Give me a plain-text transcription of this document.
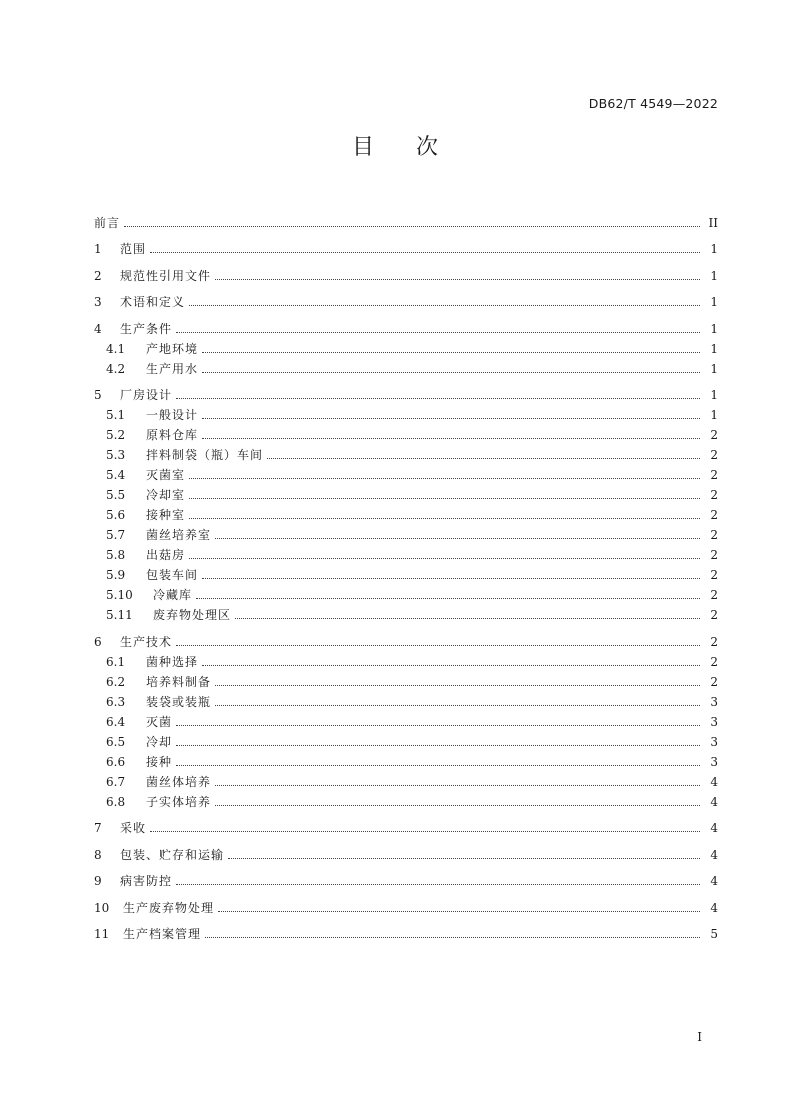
DB62/T 4549—2022
目 次
前言	II
1	范围	1
2	规范性引用文件	1
3	术语和定义	1
4	生产条件	1
4.1	产地环境	1
4.2	生产用水	1
5	厂房设计	1
5.1	一般设计	1
5.2	原料仓库	2
5.3	拌料制袋（瓶）车间	2
5.4	灭菌室	2
5.5	冷却室	2
5.6	接种室	2
5.7	菌丝培养室	2
5.8	出菇房	2
5.9	包装车间	2
5.10	冷藏库	2
5.11	废弃物处理区	2
6	生产技术	2
6.1	菌种选择	2
6.2	培养料制备	2
6.3	装袋或装瓶	3
6.4	灭菌	3
6.5	冷却	3
6.6	接种	3
6.7	菌丝体培养	4
6.8	子实体培养	4
7	采收	4
8	包装、贮存和运输	4
9	病害防控	4
10	生产废弃物处理	4
11	生产档案管理	5
I
